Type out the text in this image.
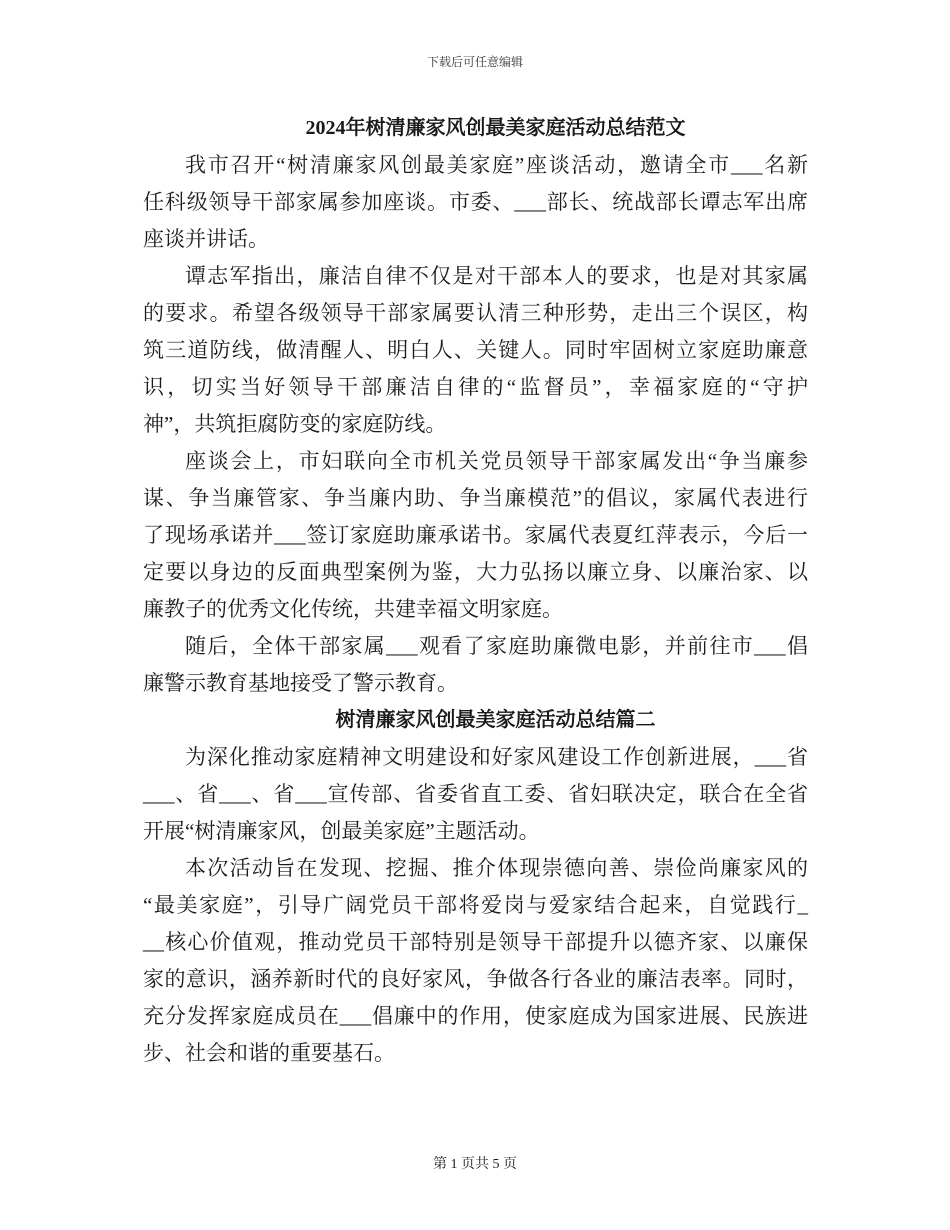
下载后可任意编辑
2024年树清廉家风创最美家庭活动总结范文
我市召开“树清廉家风创最美家庭”座谈活动，邀请全市___名新
任科级领导干部家属参加座谈。市委、___部长、统战部长谭志军出席
座谈并讲话。
谭志军指出，廉洁自律不仅是对干部本人的要求，也是对其家属
的要求。希望各级领导干部家属要认清三种形势，走出三个误区，构
筑三道防线，做清醒人、明白人、关键人。同时牢固树立家庭助廉意
识，切实当好领导干部廉洁自律的“监督员”，幸福家庭的“守护
神”，共筑拒腐防变的家庭防线。
座谈会上，市妇联向全市机关党员领导干部家属发出“争当廉参
谋、争当廉管家、争当廉内助、争当廉模范”的倡议，家属代表进行
了现场承诺并___签订家庭助廉承诺书。家属代表夏红萍表示，今后一
定要以身边的反面典型案例为鉴，大力弘扬以廉立身、以廉治家、以
廉教子的优秀文化传统，共建幸福文明家庭。
随后，全体干部家属___观看了家庭助廉微电影，并前往市___倡
廉警示教育基地接受了警示教育。
树清廉家风创最美家庭活动总结篇二
为深化推动家庭精神文明建设和好家风建设工作创新进展，___省
___、省___、省___宣传部、省委省直工委、省妇联决定，联合在全省
开展“树清廉家风，创最美家庭”主题活动。
本次活动旨在发现、挖掘、推介体现崇德向善、崇俭尚廉家风的
“最美家庭”，引导广阔党员干部将爱岗与爱家结合起来，自觉践行_
__核心价值观，推动党员干部特别是领导干部提升以德齐家、以廉保
家的意识，涵养新时代的良好家风，争做各行各业的廉洁表率。同时，
充分发挥家庭成员在___倡廉中的作用，使家庭成为国家进展、民族进
步、社会和谐的重要基石。
第 1 页共 5 页
